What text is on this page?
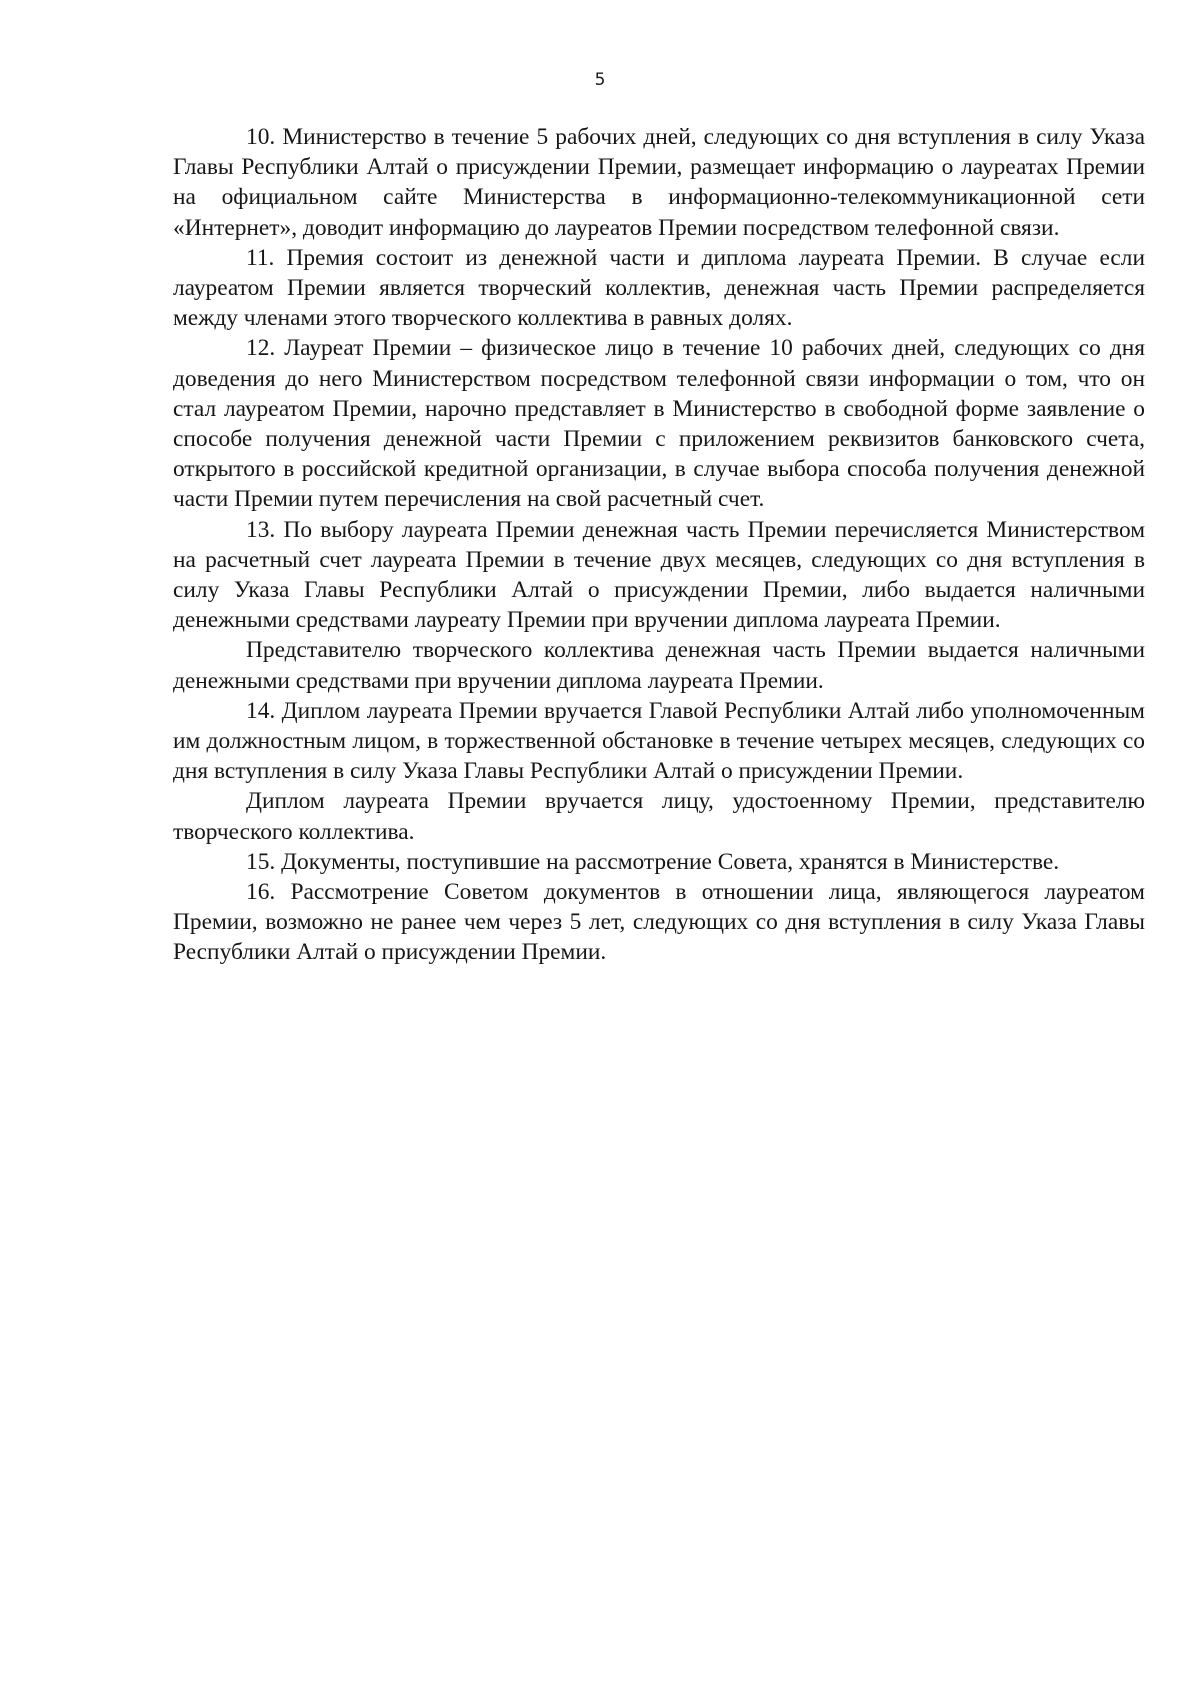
5

10. Министерство в течение 5 рабочих дней, следующих со дня вступления в силу Указа Главы Республики Алтай о присуждении Премии, размещает информацию о лауреатах Премии на официальном сайте Министерства в информационно-телекоммуникационной сети «Интернет», доводит информацию до лауреатов Премии посредством телефонной связи.

11. Премия состоит из денежной части и диплома лауреата Премии. В случае если лауреатом Премии является творческий коллектив, денежная часть Премии распределяется между членами этого творческого коллектива в равных долях.

12. Лауреат Премии – физическое лицо в течение 10 рабочих дней, следующих со дня доведения до него Министерством посредством телефонной связи информации о том, что он стал лауреатом Премии, нарочно представляет в Министерство в свободной форме заявление о способе получения денежной части Премии с приложением реквизитов банковского счета, открытого в российской кредитной организации, в случае выбора способа получения денежной части Премии путем перечисления на свой расчетный счет.

13. По выбору лауреата Премии денежная часть Премии перечисляется Министерством на расчетный счет лауреата Премии в течение двух месяцев, следующих со дня вступления в силу Указа Главы Республики Алтай о присуждении Премии, либо выдается наличными денежными средствами лауреату Премии при вручении диплома лауреата Премии.

Представителю творческого коллектива денежная часть Премии выдается наличными денежными средствами при вручении диплома лауреата Премии.

14. Диплом лауреата Премии вручается Главой Республики Алтай либо уполномоченным им должностным лицом, в торжественной обстановке в течение четырех месяцев, следующих со дня вступления в силу Указа Главы Республики Алтай о присуждении Премии.

Диплом лауреата Премии вручается лицу, удостоенному Премии, представителю творческого коллектива.

15. Документы, поступившие на рассмотрение Совета, хранятся в Министерстве.

16. Рассмотрение Советом документов в отношении лица, являющегося лауреатом Премии, возможно не ранее чем через 5 лет, следующих со дня вступления в силу Указа Главы Республики Алтай о присуждении Премии.
